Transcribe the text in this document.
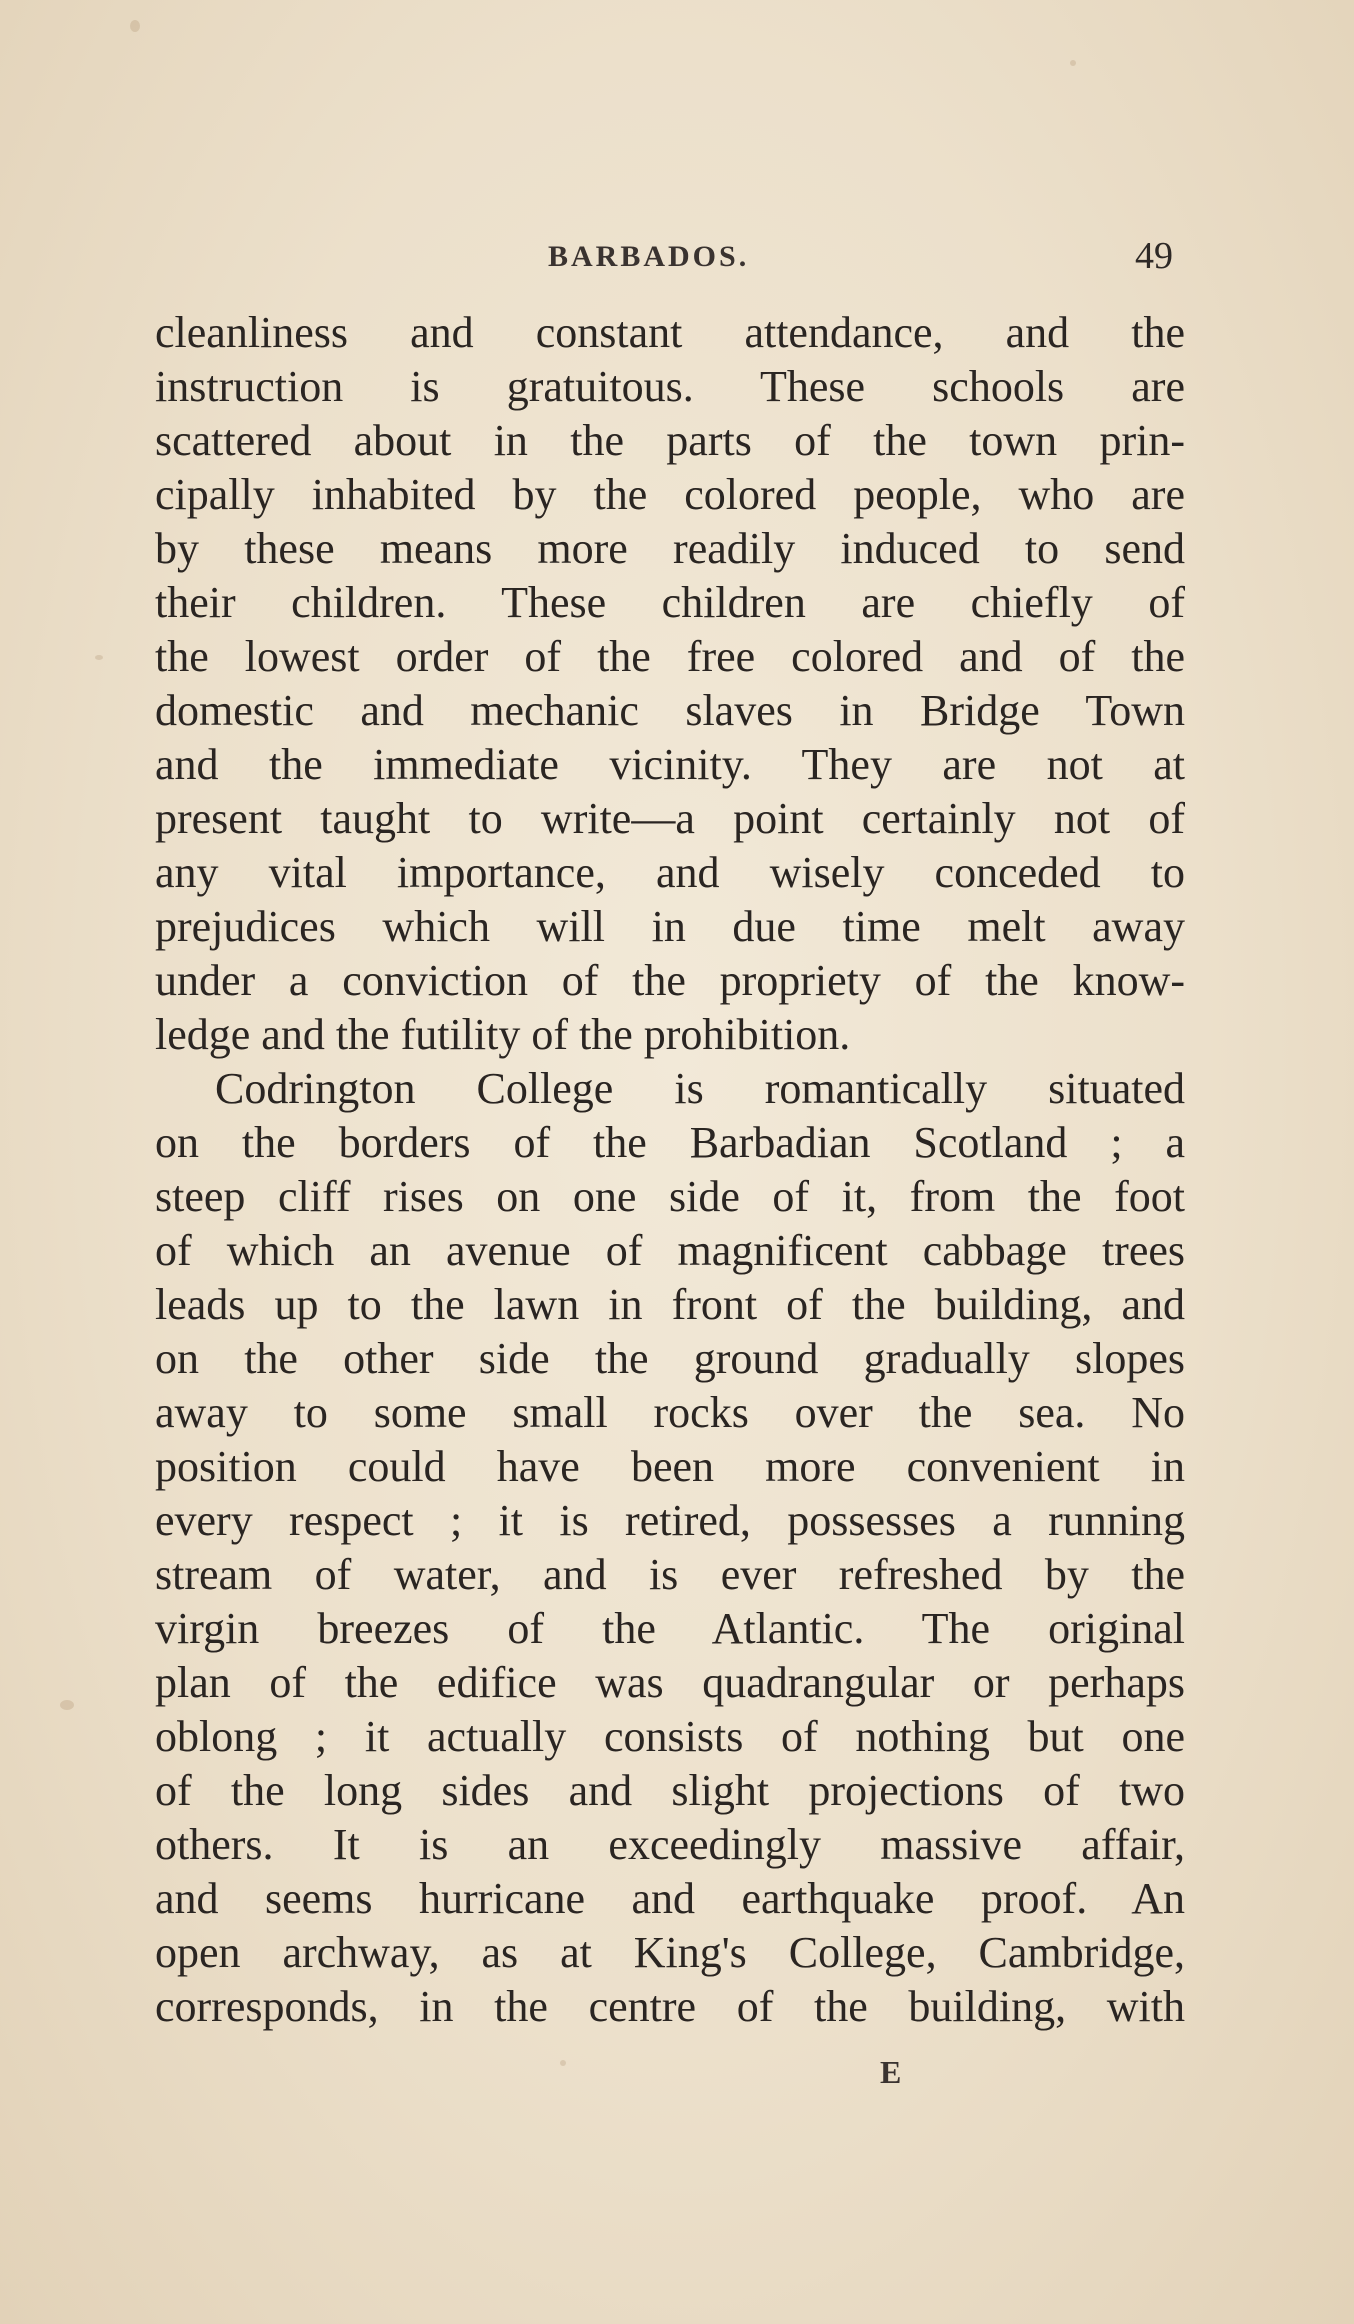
BARBADOS.	49
cleanliness and constant attendance, and the
instruction is gratuitous. These schools are
scattered about in the parts of the town prin-
cipally inhabited by the colored people, who are
by these means more readily induced to send
their children. These children are chiefly of
the lowest order of the free colored and of the
domestic and mechanic slaves in Bridge Town
and the immediate vicinity. They are not at
present taught to write—a point certainly not of
any vital importance, and wisely conceded to
prejudices which will in due time melt away
under a conviction of the propriety of the know-
ledge and the futility of the prohibition.
Codrington College is romantically situated
on the borders of the Barbadian Scotland ; a
steep cliff rises on one side of it, from the foot
of which an avenue of magnificent cabbage trees
leads up to the lawn in front of the building, and
on the other side the ground gradually slopes
away to some small rocks over the sea. No
position could have been more convenient in
every respect ; it is retired, possesses a running
stream of water, and is ever refreshed by the
virgin breezes of the Atlantic. The original
plan of the edifice was quadrangular or perhaps
oblong ; it actually consists of nothing but one
of the long sides and slight projections of two
others. It is an exceedingly massive affair,
and seems hurricane and earthquake proof. An
open archway, as at King's College, Cambridge,
corresponds, in the centre of the building, with
E
